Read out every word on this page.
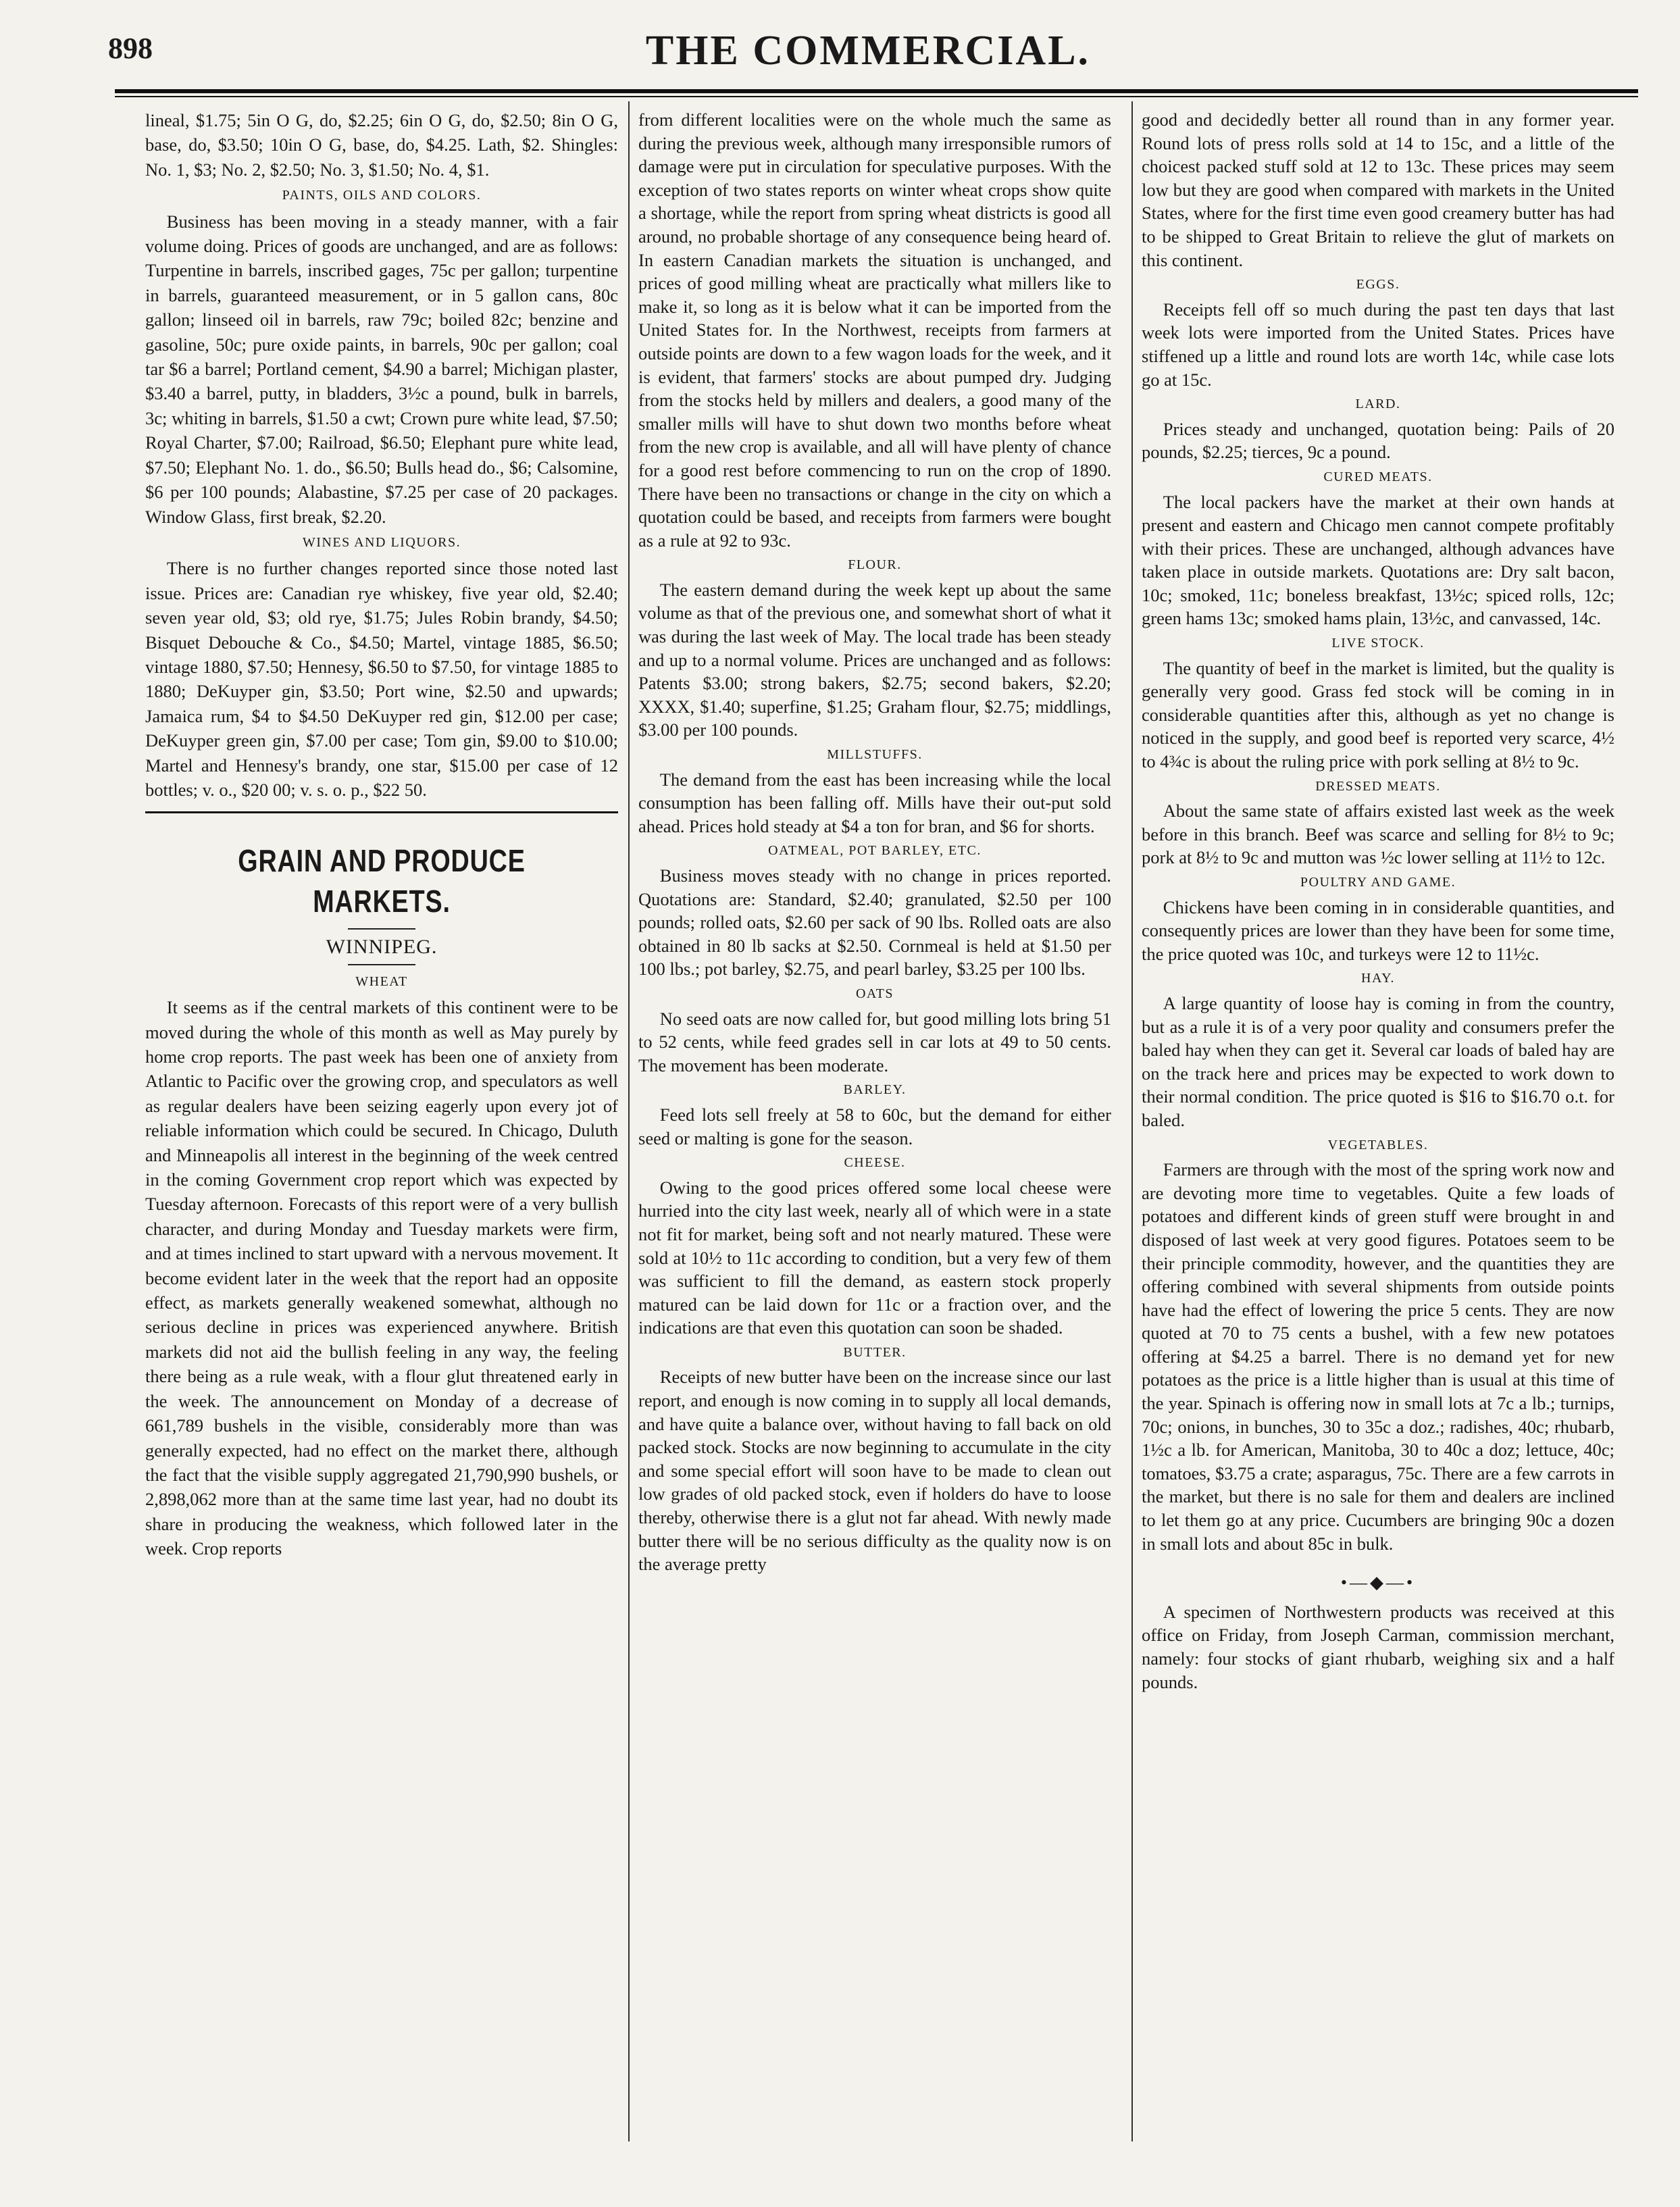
898	THE COMMERCIAL.

lineal, $1.75; 5in O G, do, $2.25; 6in O G, do, $2.50; 8in O G, base, do, $3.50; 10in O G, base, do, $4.25. Lath, $2. Shingles: No. 1, $3; No. 2, $2.50; No. 3, $1.50; No. 4, $1.

PAINTS, OILS AND COLORS.

Business has been moving in a steady manner, with a fair volume doing. Prices of goods are unchanged, and are as follows: Turpentine in barrels, inscribed gages, 75c per gallon; turpentine in barrels, guaranteed measurement, or in 5 gallon cans, 80c gallon; linseed oil in barrels, raw 79c; boiled 82c; benzine and gasoline, 50c; pure oxide paints, in barrels, 90c per gallon; coal tar $6 a barrel; Portland cement, $4.90 a barrel; Michigan plaster, $3.40 a barrel, putty, in bladders, 3½c a pound, bulk in barrels, 3c; whiting in barrels, $1.50 a cwt; Crown pure white lead, $7.50; Royal Charter, $7.00; Railroad, $6.50; Elephant pure white lead, $7.50; Elephant No. 1. do., $6.50; Bulls head do., $6; Calsomine, $6 per 100 pounds; Alabastine, $7.25 per case of 20 packages. Window Glass, first break, $2.20.

WINES AND LIQUORS.

There is no further changes reported since those noted last issue. Prices are: Canadian rye whiskey, five year old, $2.40; seven year old, $3; old rye, $1.75; Jules Robin brandy, $4.50; Bisquet Debouche & Co., $4.50; Martel, vintage 1885, $6.50; vintage 1880, $7.50; Hennesy, $6.50 to $7.50, for vintage 1885 to 1880; DeKuyper gin, $3.50; Port wine, $2.50 and upwards; Jamaica rum, $4 to $4.50 DeKuyper red gin, $12.00 per case; DeKuyper green gin, $7.00 per case; Tom gin, $9.00 to $10.00; Martel and Hennesy's brandy, one star, $15.00 per case of 12 bottles; v. o., $20 00; v. s. o. p., $22 50.

GRAIN AND PRODUCE MARKETS.
WINNIPEG.
WHEAT

It seems as if the central markets of this continent were to be moved during the whole of this month as well as May purely by home crop reports. The past week has been one of anxiety from Atlantic to Pacific over the growing crop, and speculators as well as regular dealers have been seizing eagerly upon every jot of reliable information which could be secured. In Chicago, Duluth and Minneapolis all interest in the beginning of the week centred in the coming Government crop report which was expected by Tuesday afternoon. Forecasts of this report were of a very bullish character, and during Monday and Tuesday markets were firm, and at times inclined to start upward with a nervous movement. It become evident later in the week that the report had an opposite effect, as markets generally weakened somewhat, although no serious decline in prices was experienced anywhere. British markets did not aid the bullish feeling in any way, the feeling there being as a rule weak, with a flour glut threatened early in the week. The announcement on Monday of a decrease of 661,789 bushels in the visible, considerably more than was generally expected, had no effect on the market there, although the fact that the visible supply aggregated 21,790,990 bushels, or 2,898,062 more than at the same time last year, had no doubt its share in producing the weakness, which followed later in the week. Crop reports

from different localities were on the whole much the same as during the previous week, although many irresponsible rumors of damage were put in circulation for speculative purposes. With the exception of two states reports on winter wheat crops show quite a shortage, while the report from spring wheat districts is good all around, no probable shortage of any consequence being heard of. In eastern Canadian markets the situation is unchanged, and prices of good milling wheat are practically what millers like to make it, so long as it is below what it can be imported from the United States for. In the Northwest, receipts from farmers at outside points are down to a few wagon loads for the week, and it is evident, that farmers' stocks are about pumped dry. Judging from the stocks held by millers and dealers, a good many of the smaller mills will have to shut down two months before wheat from the new crop is available, and all will have plenty of chance for a good rest before commencing to run on the crop of 1890. There have been no transactions or change in the city on which a quotation could be based, and receipts from farmers were bought as a rule at 92 to 93c.

FLOUR.

The eastern demand during the week kept up about the same volume as that of the previous one, and somewhat short of what it was during the last week of May. The local trade has been steady and up to a normal volume. Prices are unchanged and as follows: Patents $3.00; strong bakers, $2.75; second bakers, $2.20; XXXX, $1.40; superfine, $1.25; Graham flour, $2.75; middlings, $3.00 per 100 pounds.

MILLSTUFFS.

The demand from the east has been increasing while the local consumption has been falling off. Mills have their out-put sold ahead. Prices hold steady at $4 a ton for bran, and $6 for shorts.

OATMEAL, POT BARLEY, ETC.

Business moves steady with no change in prices reported. Quotations are: Standard, $2.40; granulated, $2.50 per 100 pounds; rolled oats, $2.60 per sack of 90 lbs. Rolled oats are also obtained in 80 lb sacks at $2.50. Cornmeal is held at $1.50 per 100 lbs.; pot barley, $2.75, and pearl barley, $3.25 per 100 lbs.

OATS

No seed oats are now called for, but good milling lots bring 51 to 52 cents, while feed grades sell in car lots at 49 to 50 cents. The movement has been moderate.

BARLEY.

Feed lots sell freely at 58 to 60c, but the demand for either seed or malting is gone for the season.

CHEESE.

Owing to the good prices offered some local cheese were hurried into the city last week, nearly all of which were in a state not fit for market, being soft and not nearly matured. These were sold at 10½ to 11c according to condition, but a very few of them was sufficient to fill the demand, as eastern stock properly matured can be laid down for 11c or a fraction over, and the indications are that even this quotation can soon be shaded.

BUTTER.

Receipts of new butter have been on the increase since our last report, and enough is now coming in to supply all local demands, and have quite a balance over, without having to fall back on old packed stock. Stocks are now beginning to accumulate in the city and some special effort will soon have to be made to clean out low grades of old packed stock, even if holders do have to loose thereby, otherwise there is a glut not far ahead. With newly made butter there will be no serious difficulty as the quality now is on the average pretty

good and decidedly better all round than in any former year. Round lots of press rolls sold at 14 to 15c, and a little of the choicest packed stuff sold at 12 to 13c. These prices may seem low but they are good when compared with markets in the United States, where for the first time even good creamery butter has had to be shipped to Great Britain to relieve the glut of markets on this continent.

EGGS.

Receipts fell off so much during the past ten days that last week lots were imported from the United States. Prices have stiffened up a little and round lots are worth 14c, while case lots go at 15c.

LARD.

Prices steady and unchanged, quotation being: Pails of 20 pounds, $2.25; tierces, 9c a pound.

CURED MEATS.

The local packers have the market at their own hands at present and eastern and Chicago men cannot compete profitably with their prices. These are unchanged, although advances have taken place in outside markets. Quotations are: Dry salt bacon, 10c; smoked, 11c; boneless breakfast, 13½c; spiced rolls, 12c; green hams 13c; smoked hams plain, 13½c, and canvassed, 14c.

LIVE STOCK.

The quantity of beef in the market is limited, but the quality is generally very good. Grass fed stock will be coming in in considerable quantities after this, although as yet no change is noticed in the supply, and good beef is reported very scarce, 4½ to 4¾c is about the ruling price with pork selling at 8½ to 9c.

DRESSED MEATS.

About the same state of affairs existed last week as the week before in this branch. Beef was scarce and selling for 8½ to 9c; pork at 8½ to 9c and mutton was ½c lower selling at 11½ to 12c.

POULTRY AND GAME.

Chickens have been coming in in considerable quantities, and consequently prices are lower than they have been for some time, the price quoted was 10c, and turkeys were 12 to 11½c.

HAY.

A large quantity of loose hay is coming in from the country, but as a rule it is of a very poor quality and consumers prefer the baled hay when they can get it. Several car loads of baled hay are on the track here and prices may be expected to work down to their normal condition. The price quoted is $16 to $16.70 o.t. for baled.

VEGETABLES.

Farmers are through with the most of the spring work now and are devoting more time to vegetables. Quite a few loads of potatoes and different kinds of green stuff were brought in and disposed of last week at very good figures. Potatoes seem to be their principle commodity, however, and the quantities they are offering combined with several shipments from outside points have had the effect of lowering the price 5 cents. They are now quoted at 70 to 75 cents a bushel, with a few new potatoes offering at $4.25 a barrel. There is no demand yet for new potatoes as the price is a little higher than is usual at this time of the year. Spinach is offering now in small lots at 7c a lb.; turnips, 70c; onions, in bunches, 30 to 35c a doz.; radishes, 40c; rhubarb, 1½c a lb. for American, Manitoba, 30 to 40c a doz; lettuce, 40c; tomatoes, $3.75 a crate; asparagus, 75c. There are a few carrots in the market, but there is no sale for them and dealers are inclined to let them go at any price. Cucumbers are bringing 90c a dozen in small lots and about 85c in bulk.

•—◆—•

A specimen of Northwestern products was received at this office on Friday, from Joseph Carman, commission merchant, namely: four stocks of giant rhubarb, weighing six and a half pounds.
